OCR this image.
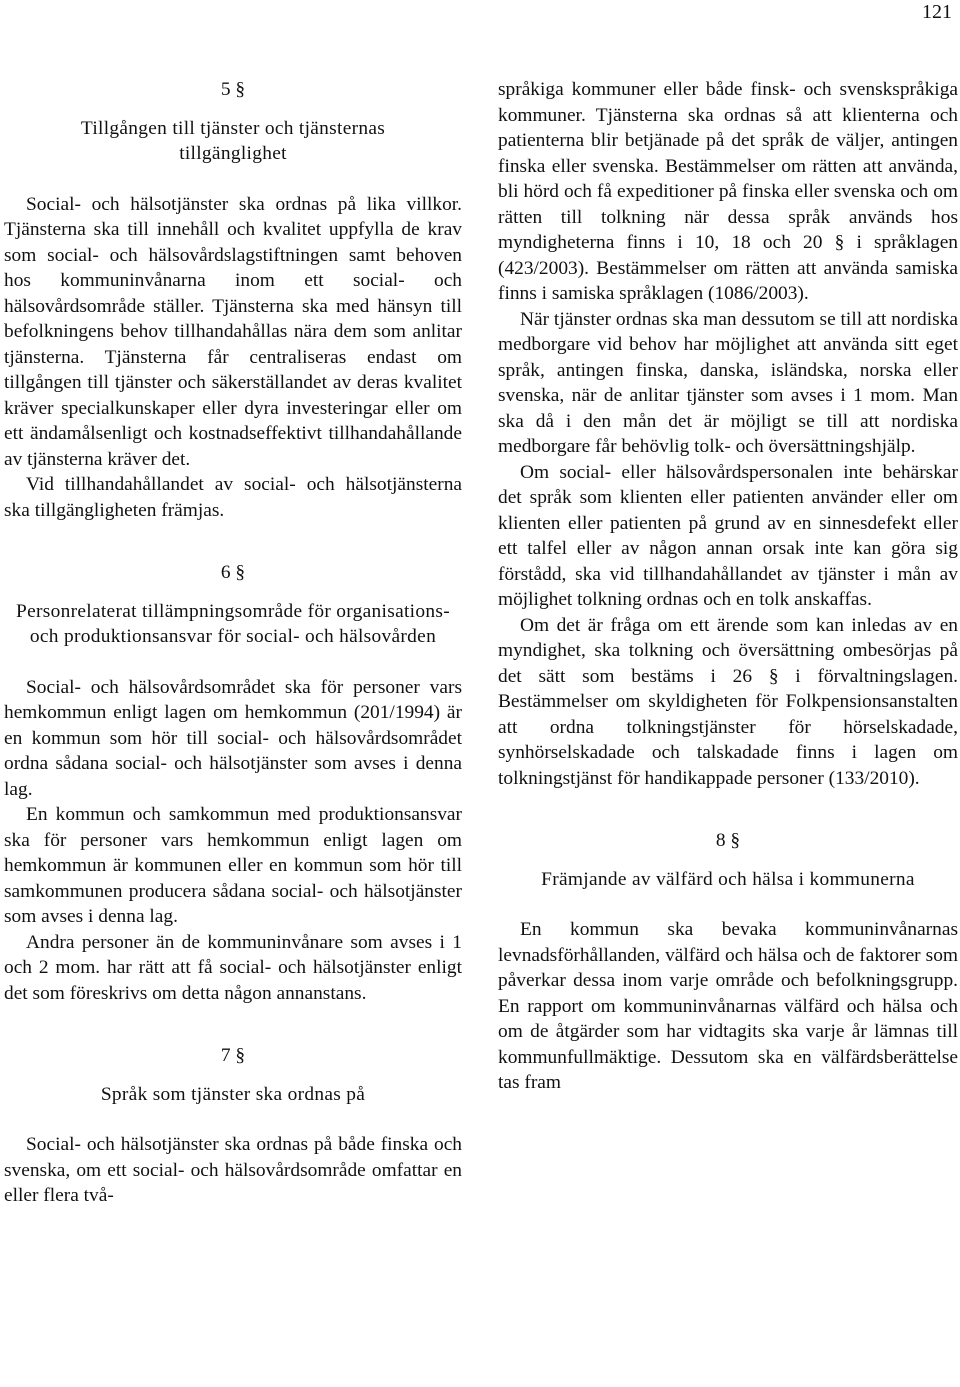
121

5 §

Tillgången till tjänster och tjänsternas tillgänglighet

Social- och hälsotjänster ska ordnas på lika villkor. Tjänsterna ska till innehåll och kvalitet uppfylla de krav som social- och hälsovårdslagstiftningen samt behoven hos kommuninvånarna inom ett social- och hälsovårdsområde ställer. Tjänsterna ska med hänsyn till befolkningens behov tillhandahållas nära dem som anlitar tjänsterna. Tjänsterna får centraliseras endast om tillgången till tjänster och säkerställandet av deras kvalitet kräver specialkunskaper eller dyra investeringar eller om ett ändamålsenligt och kostnadseffektivt tillhandahållande av tjänsterna kräver det.

Vid tillhandahållandet av social- och hälsotjänsterna ska tillgängligheten främjas.

6 §

Personrelaterat tillämpningsområde för organisations- och produktionsansvar för social- och hälsovården

Social- och hälsovårdsområdet ska för personer vars hemkommun enligt lagen om hemkommun (201/1994) är en kommun som hör till social- och hälsovårdsområdet ordna sådana social- och hälsotjänster som avses i denna lag.

En kommun och samkommun med produktionsansvar ska för personer vars hemkommun enligt lagen om hemkommun är kommunen eller en kommun som hör till samkommunen producera sådana social- och hälsotjänster som avses i denna lag.

Andra personer än de kommuninvånare som avses i 1 och 2 mom. har rätt att få social- och hälsotjänster enligt det som föreskrivs om detta någon annanstans.

7 §

Språk som tjänster ska ordnas på

Social- och hälsotjänster ska ordnas på både finska och svenska, om ett social- och hälsovårdsområde omfattar en eller flera två-

språkiga kommuner eller både finsk- och svenskspråkiga kommuner. Tjänsterna ska ordnas så att klienterna och patienterna blir betjänade på det språk de väljer, antingen finska eller svenska. Bestämmelser om rätten att använda, bli hörd och få expeditioner på finska eller svenska och om rätten till tolkning när dessa språk används hos myndigheterna finns i 10, 18 och 20 § i språklagen (423/2003). Bestämmelser om rätten att använda samiska finns i samiska språklagen (1086/2003).

När tjänster ordnas ska man dessutom se till att nordiska medborgare vid behov har möjlighet att använda sitt eget språk, antingen finska, danska, isländska, norska eller svenska, när de anlitar tjänster som avses i 1 mom. Man ska då i den mån det är möjligt se till att nordiska medborgare får behövlig tolk- och översättningshjälp.

Om social- eller hälsovårdspersonalen inte behärskar det språk som klienten eller patienten använder eller om klienten eller patienten på grund av en sinnesdefekt eller ett talfel eller av någon annan orsak inte kan göra sig förstådd, ska vid tillhandahållandet av tjänster i mån av möjlighet tolkning ordnas och en tolk anskaffas.

Om det är fråga om ett ärende som kan inledas av en myndighet, ska tolkning och översättning ombesörjas på det sätt som bestäms i 26 § i förvaltningslagen. Bestämmelser om skyldigheten för Folkpensionsanstalten att ordna tolkningstjänster för hörselskadade, synhörselskadade och talskadade finns i lagen om tolkningstjänst för handikappade personer (133/2010).

8 §

Främjande av välfärd och hälsa i kommunerna

En kommun ska bevaka kommuninvånarnas levnadsförhållanden, välfärd och hälsa och de faktorer som påverkar dessa inom varje område och befolkningsgrupp. En rapport om kommuninvånarnas välfärd och hälsa och om de åtgärder som har vidtagits ska varje år lämnas till kommunfullmäktige. Dessutom ska en välfärdsberättelse tas fram
